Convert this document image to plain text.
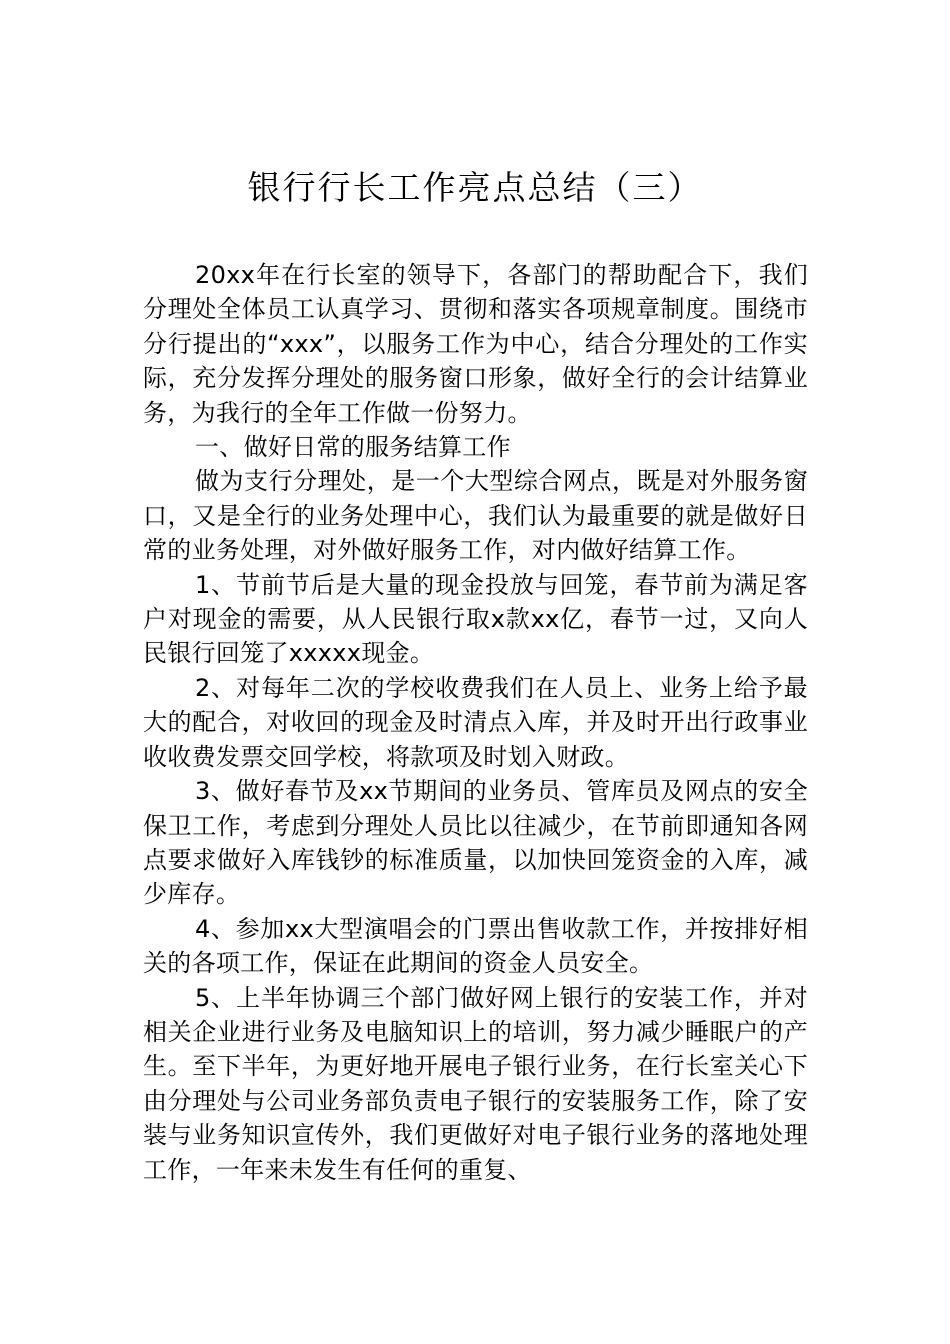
银行行长工作亮点总结（三）

20xx年在行长室的领导下，各部门的帮助配合下，我们分理处全体员工认真学习、贯彻和落实各项规章制度。围绕市分行提出的“xxx”，以服务工作为中心，结合分理处的工作实际，充分发挥分理处的服务窗口形象，做好全行的会计结算业务，为我行的全年工作做一份努力。

一、做好日常的服务结算工作

做为支行分理处，是一个大型综合网点，既是对外服务窗口，又是全行的业务处理中心，我们认为最重要的就是做好日常的业务处理，对外做好服务工作，对内做好结算工作。

1、节前节后是大量的现金投放与回笼，春节前为满足客户对现金的需要，从人民银行取x款xx亿，春节一过，又向人民银行回笼了xxxxx现金。

2、对每年二次的学校收费我们在人员上、业务上给予最大的配合，对收回的现金及时清点入库，并及时开出行政事业收收费发票交回学校，将款项及时划入财政。

3、做好春节及xx节期间的业务员、管库员及网点的安全保卫工作，考虑到分理处人员比以往减少，在节前即通知各网点要求做好入库钱钞的标准质量，以加快回笼资金的入库，减少库存。

4、参加xx大型演唱会的门票出售收款工作，并按排好相关的各项工作，保证在此期间的资金人员安全。

5、上半年协调三个部门做好网上银行的安装工作，并对相关企业进行业务及电脑知识上的培训，努力减少睡眠户的产生。至下半年，为更好地开展电子银行业务，在行长室关心下由分理处与公司业务部负责电子银行的安装服务工作，除了安装与业务知识宣传外，我们更做好对电子银行业务的落地处理工作，一年来未发生有任何的重复、
